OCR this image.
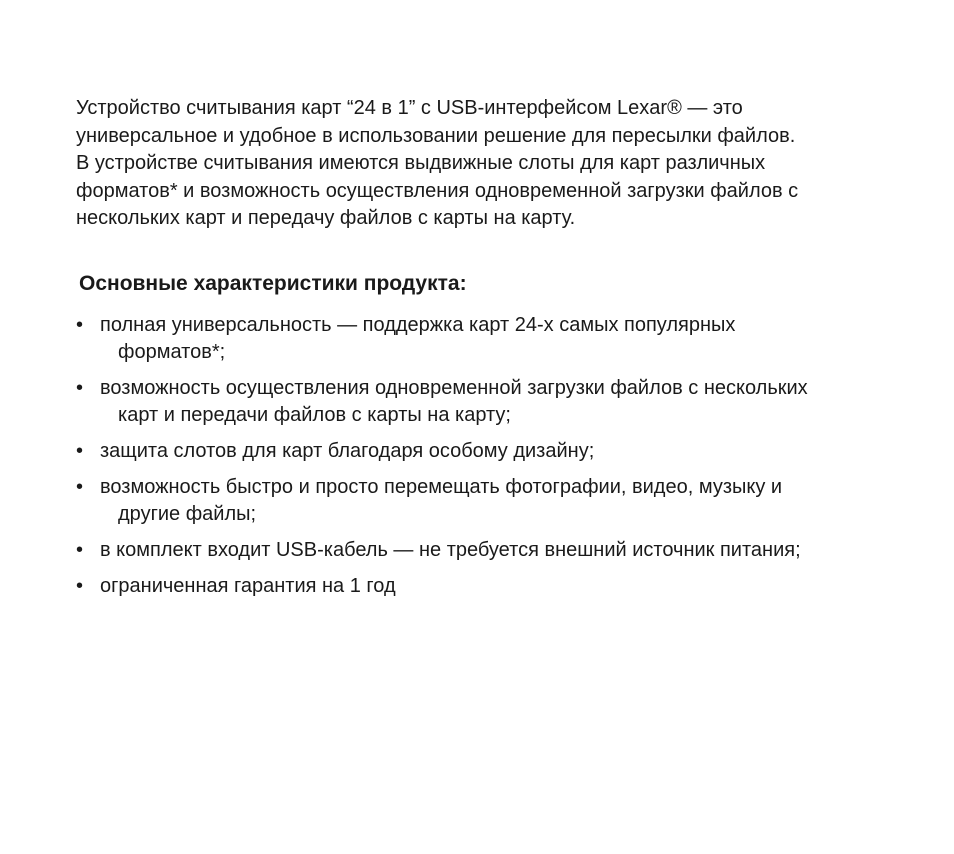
Устройство считывания карт “24 в 1” с USB-интерфейсом Lexar® — это
универсальное и удобное в использовании решение для пересылки файлов.
В устройстве считывания имеются выдвижные слоты для карт различных
форматов* и возможность осуществления одновременной загрузки файлов с
нескольких карт и передачу файлов с карты на карту.

Основные характеристики продукта:
• полная универсальность — поддержка карт 24-х самых популярных
форматов*;
• возможность осуществления одновременной загрузки файлов с нескольких
карт и передачи файлов с карты на карту;
• защита слотов для карт благодаря особому дизайну;
• возможность быстро и просто перемещать фотографии, видео, музыку и
другие файлы;
• в комплект входит USB-кабель — не требуется внешний источник питания;
• ограниченная гарантия на 1 год
